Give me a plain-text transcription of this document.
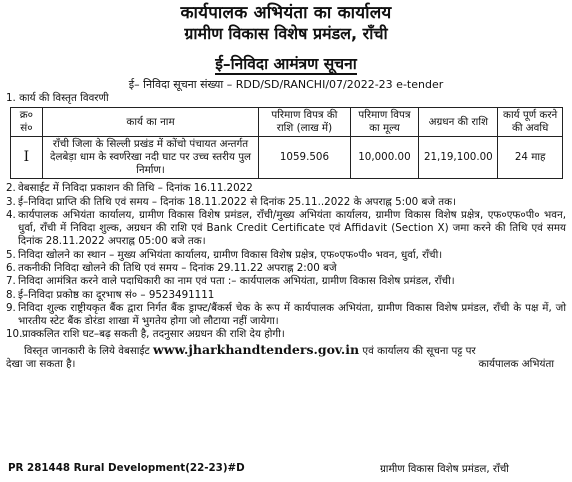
कार्यपालक अभियंता का कार्यालय
ग्रामीण विकास विशेष प्रमंडल, राँची
ई–निविदा आमंत्रण सूचना
ई– निविदा सूचना संख्या – RDD/SD/RANCHI/07/2022-23 e-tender
1. कार्य की विस्तृत विवरणी
क्र०
सं०	कार्य का नाम	परिमाण विपत्र की राशि (लाख में)	परिमाण विपत्र का मूल्य	अग्रधन की राशि	कार्य पूर्ण करने की अवधि
I	राँची जिला के सिल्ली प्रखंड में कोंचो पंचायत अन्तर्गत देलबेड़ा धाम के स्वर्णरेखा नदी घाट पर उच्च स्तरीय पुल निर्माण।	1059.506	10,000.00	21,19,100.00	24 माह
2. वेबसाईट में निविदा प्रकाशन की तिथि – दिनांक 16.11.2022
3. ई–निविदा प्राप्ति की तिथि एवं समय – दिनांक 18.11.2022 से दिनांक 25.11..2022 के अपराह्न 5:00 बजे तक।
4. कार्यपालक अभियंता कार्यालय, ग्रामीण विकास विशेष प्रमंडल, राँची/मुख्य अभियंता कार्यालय, ग्रामीण विकास विशेष प्रक्षेत्र, एफ०एफ०पी० भवन, धुर्वा, राँची में निविदा शुल्क, अग्रधन की राशि एवं Bank Credit Certificate एवं Affidavit (Section X) जमा करने की तिथि एवं समय दिनांक 28.11.2022 अपराह्न 05:00 बजे तक।
5. निविदा खोलने का स्थान – मुख्य अभियंता कार्यालय, ग्रामीण विकास विशेष प्रक्षेत्र, एफ०एफ०पी० भवन, धुर्वा, राँची।
6. तकनीकी निविदा खोलने की तिथि एवं समय – दिनांक 29.11.22 अपराह्न 2:00 बजे
7. निविदा आमंत्रित करने वाले पदाधिकारी का नाम एवं पता :– कार्यपालक अभियंता, ग्रामीण विकास विशेष प्रमंडल, राँची।
8. ई–निविदा प्रकोष्ठ का दूरभाष सं० – 9523491111
9. निविदा शुल्क राष्ट्रीयकृत बैंक द्वारा निर्गत बैंक ड्राफ्ट/बैंकर्स चेक के रूप में कार्यपालक अभियंता, ग्रामीण विकास विशेष प्रमंडल, राँची के पक्ष में, जो भारतीय स्टेट बैंक डोरंडा शाखा में भुगतेय होगा जो लौटाया नहीं जायेगा।
10. प्राक्कलित राशि घट–बढ़ सकती है, तदनुसार अग्रधन की राशि देय होगी।
विस्तृत जानकारी के लिये वेबसाईट www.jharkhandtenders.gov.in एवं कार्यालय की सूचना पट्ट पर
देखा जा सकता है।	कार्यपालक अभियंता
PR 281448 Rural Development(22-23)#D	ग्रामीण विकास विशेष प्रमंडल, राँची
